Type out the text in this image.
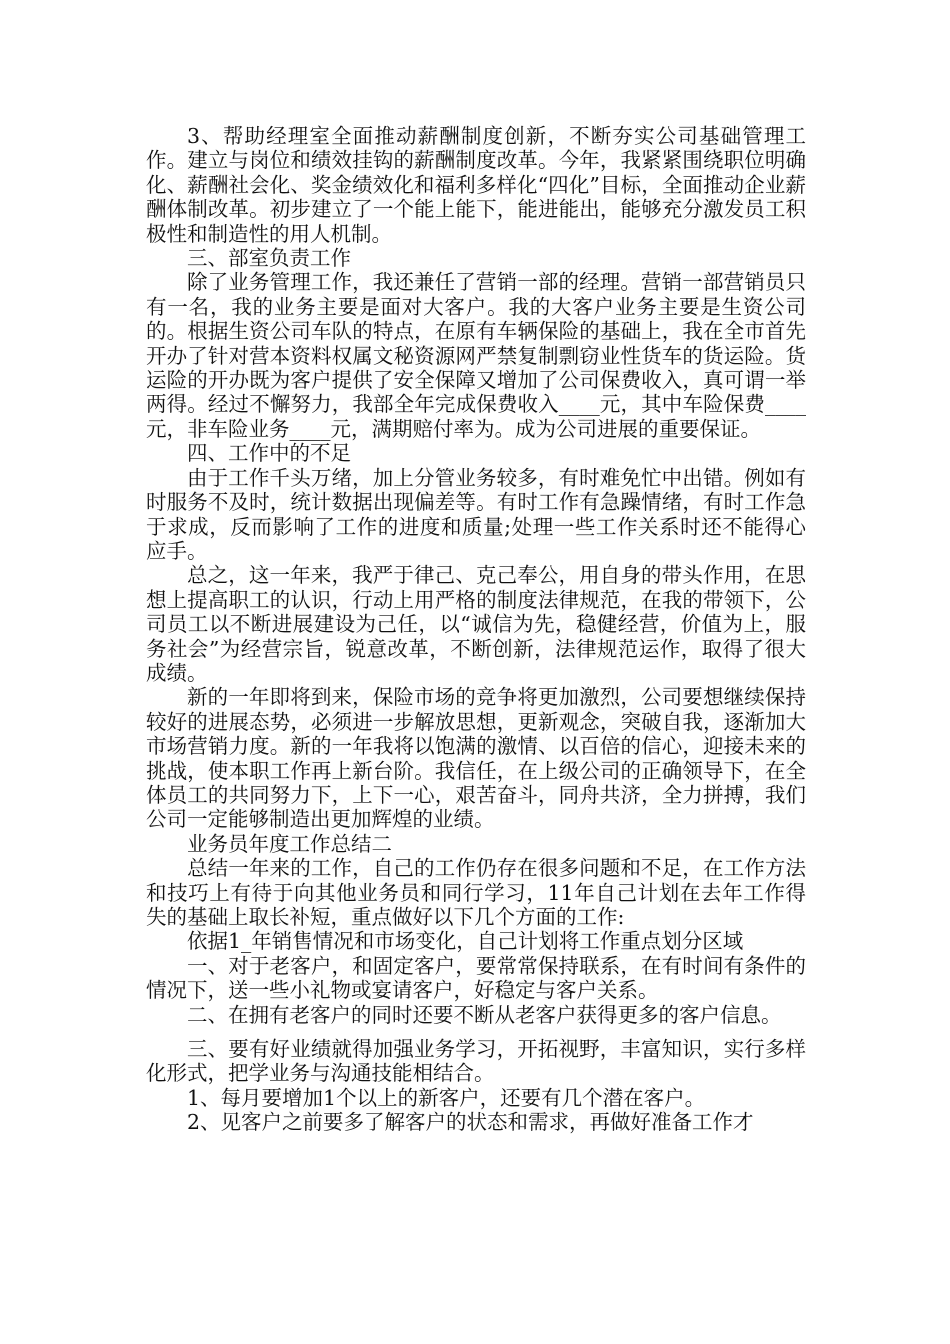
3、帮助经理室全面推动薪酬制度创新，不断夯实公司基础管理工作。建立与岗位和绩效挂钩的薪酬制度改革。今年，我紧紧围绕职位明确化、薪酬社会化、奖金绩效化和福利多样化“四化”目标，全面推动企业薪酬体制改革。初步建立了一个能上能下，能进能出，能够充分激发员工积极性和制造性的用人机制。

三、部室负责工作

除了业务管理工作，我还兼任了营销一部的经理。营销一部营销员只有一名，我的业务主要是面对大客户。我的大客户业务主要是生资公司的。根据生资公司车队的特点，在原有车辆保险的基础上，我在全市首先开办了针对营本资料权属文秘资源网严禁复制剽窃业性货车的货运险。货运险的开办既为客户提供了安全保障又增加了公司保费收入，真可谓一举两得。经过不懈努力，我部全年完成保费收入____元，其中车险保费____元，非车险业务____元，满期赔付率为。成为公司进展的重要保证。

四、工作中的不足

由于工作千头万绪，加上分管业务较多，有时难免忙中出错。例如有时服务不及时，统计数据出现偏差等。有时工作有急躁情绪，有时工作急于求成，反而影响了工作的进度和质量;处理一些工作关系时还不能得心应手。

总之，这一年来，我严于律己、克己奉公，用自身的带头作用，在思想上提高职工的认识，行动上用严格的制度法律规范，在我的带领下，公司员工以不断进展建设为己任，以“诚信为先，稳健经营，价值为上，服务社会”为经营宗旨，锐意改革，不断创新，法律规范运作，取得了很大成绩。

新的一年即将到来，保险市场的竞争将更加激烈，公司要想继续保持较好的进展态势，必须进一步解放思想，更新观念，突破自我，逐渐加大市场营销力度。新的一年我将以饱满的激情、以百倍的信心，迎接未来的挑战，使本职工作再上新台阶。我信任，在上级公司的正确领导下，在全体员工的共同努力下，上下一心，艰苦奋斗，同舟共济，全力拼搏，我们公司一定能够制造出更加辉煌的业绩。

业务员年度工作总结二

总结一年来的工作，自己的工作仍存在很多问题和不足，在工作方法和技巧上有待于向其他业务员和同行学习，11年自己计划在去年工作得失的基础上取长补短，重点做好以下几个方面的工作:

依据1_年销售情况和市场变化，自己计划将工作重点划分区域

一、对于老客户，和固定客户，要常常保持联系，在有时间有条件的情况下，送一些小礼物或宴请客户，好稳定与客户关系。

二、在拥有老客户的同时还要不断从老客户获得更多的客户信息。

三、要有好业绩就得加强业务学习，开拓视野，丰富知识，实行多样化形式，把学业务与沟通技能相结合。

1、每月要增加1个以上的新客户，还要有几个潜在客户。

2、见客户之前要多了解客户的状态和需求，再做好准备工作才
